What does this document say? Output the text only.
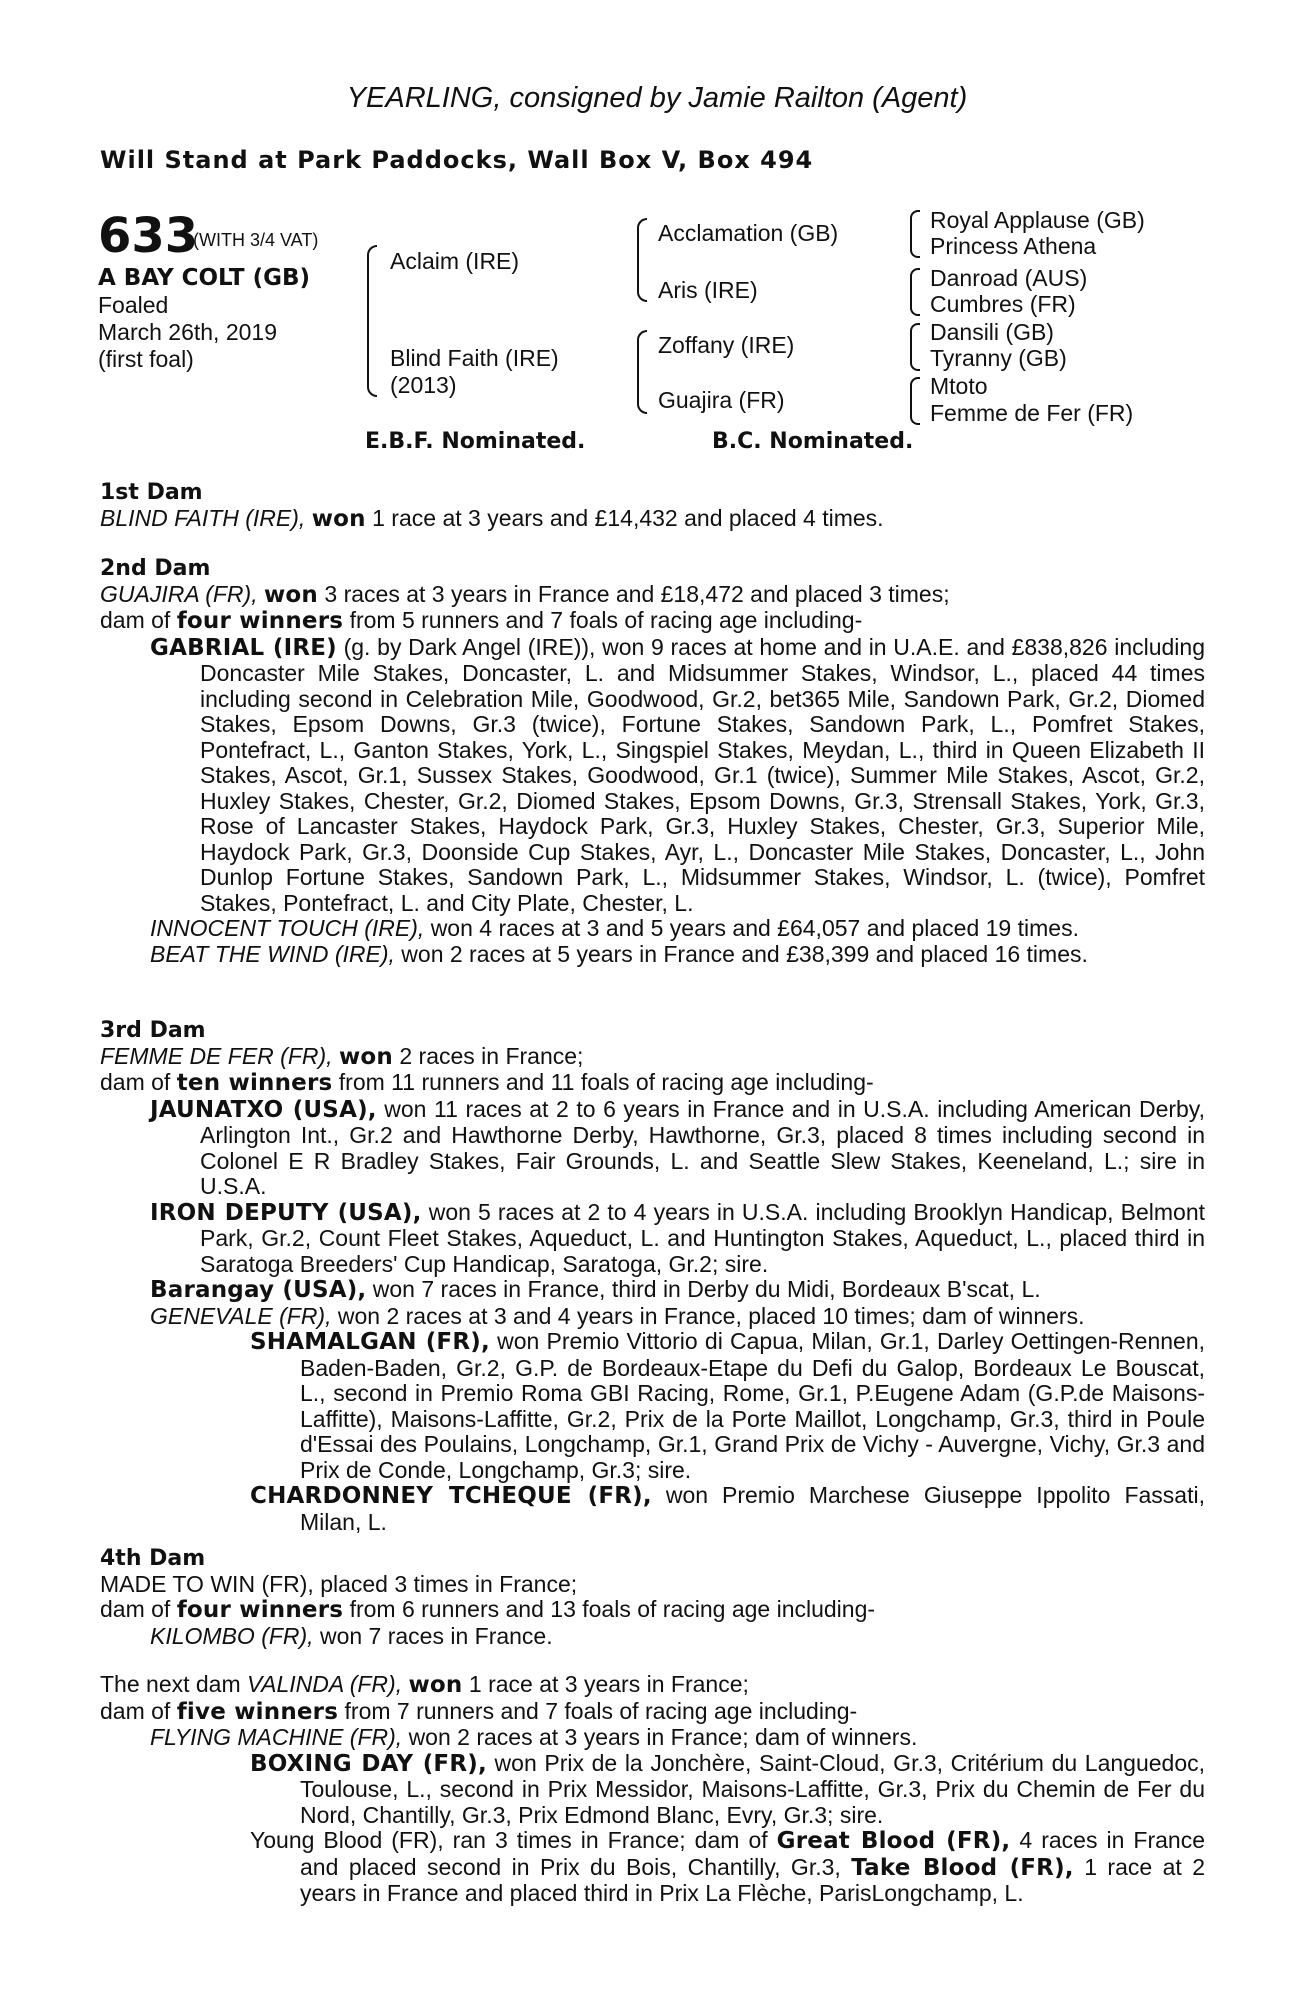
YEARLING, consigned by Jamie Railton (Agent)
Will Stand at Park Paddocks, Wall Box V, Box 494
633
(WITH 3/4 VAT)
A BAY COLT (GB)
Foaled
March 26th, 2019
(first foal)
Aclaim (IRE)
Blind Faith (IRE)
(2013)
Acclamation (GB)
Aris (IRE)
Zoffany (IRE)
Guajira (FR)
Royal Applause (GB)
Princess Athena
Danroad (AUS)
Cumbres (FR)
Dansili (GB)
Tyranny (GB)
Mtoto
Femme de Fer (FR)
E.B.F. Nominated.	B.C. Nominated.

1st Dam

BLIND FAITH (IRE), won 1 race at 3 years and £14,432 and placed 4 times.

2nd Dam

GUAJIRA (FR), won 3 races at 3 years in France and £18,472 and placed 3 times;

dam of four winners from 5 runners and 7 foals of racing age including-

GABRIAL (IRE) (g. by Dark Angel (IRE)), won 9 races at home and in U.A.E. and £838,826 including Doncaster Mile Stakes, Doncaster, L. and Midsummer Stakes, Windsor, L., placed 44 times including second in Celebration Mile, Goodwood, Gr.2, bet365 Mile, Sandown Park, Gr.2, Diomed Stakes, Epsom Downs, Gr.3 (twice), Fortune Stakes, Sandown Park, L., Pomfret Stakes, Pontefract, L., Ganton Stakes, York, L., Singspiel Stakes, Meydan, L., third in Queen Elizabeth II Stakes, Ascot, Gr.1, Sussex Stakes, Goodwood, Gr.1 (twice), Summer Mile Stakes, Ascot, Gr.2, Huxley Stakes, Chester, Gr.2, Diomed Stakes, Epsom Downs, Gr.3, Strensall Stakes, York, Gr.3, Rose of Lancaster Stakes, Haydock Park, Gr.3, Huxley Stakes, Chester, Gr.3, Superior Mile, Haydock Park, Gr.3, Doonside Cup Stakes, Ayr, L., Doncaster Mile Stakes, Doncaster, L., John Dunlop Fortune Stakes, Sandown Park, L., Midsummer Stakes, Windsor, L. (twice), Pomfret Stakes, Pontefract, L. and City Plate, Chester, L.

INNOCENT TOUCH (IRE), won 4 races at 3 and 5 years and £64,057 and placed 19 times.

BEAT THE WIND (IRE), won 2 races at 5 years in France and £38,399 and placed 16 times.

3rd Dam

FEMME DE FER (FR), won 2 races in France;

dam of ten winners from 11 runners and 11 foals of racing age including-

JAUNATXO (USA), won 11 races at 2 to 6 years in France and in U.S.A. including American Derby, Arlington Int., Gr.2 and Hawthorne Derby, Hawthorne, Gr.3, placed 8 times including second in Colonel E R Bradley Stakes, Fair Grounds, L. and Seattle Slew Stakes, Keeneland, L.; sire in U.S.A.

IRON DEPUTY (USA), won 5 races at 2 to 4 years in U.S.A. including Brooklyn Handicap, Belmont Park, Gr.2, Count Fleet Stakes, Aqueduct, L. and Huntington Stakes, Aqueduct, L., placed third in Saratoga Breeders' Cup Handicap, Saratoga, Gr.2; sire.

Barangay (USA), won 7 races in France, third in Derby du Midi, Bordeaux B'scat, L.

GENEVALE (FR), won 2 races at 3 and 4 years in France, placed 10 times; dam of winners.

SHAMALGAN (FR), won Premio Vittorio di Capua, Milan, Gr.1, Darley Oettingen-Rennen, Baden-Baden, Gr.2, G.P. de Bordeaux-Etape du Defi du Galop, Bordeaux Le Bouscat, L., second in Premio Roma GBI Racing, Rome, Gr.1, P.Eugene Adam (G.P.de Maisons-Laffitte), Maisons-Laffitte, Gr.2, Prix de la Porte Maillot, Longchamp, Gr.3, third in Poule d'Essai des Poulains, Longchamp, Gr.1, Grand Prix de Vichy - Auvergne, Vichy, Gr.3 and Prix de Conde, Longchamp, Gr.3; sire.

CHARDONNEY TCHEQUE (FR), won Premio Marchese Giuseppe Ippolito Fassati, Milan, L.

4th Dam

MADE TO WIN (FR), placed 3 times in France;

dam of four winners from 6 runners and 13 foals of racing age including-

KILOMBO (FR), won 7 races in France.

The next dam VALINDA (FR), won 1 race at 3 years in France;

dam of five winners from 7 runners and 7 foals of racing age including-

FLYING MACHINE (FR), won 2 races at 3 years in France; dam of winners.

BOXING DAY (FR), won Prix de la Jonchère, Saint-Cloud, Gr.3, Critérium du Languedoc, Toulouse, L., second in Prix Messidor, Maisons-Laffitte, Gr.3, Prix du Chemin de Fer du Nord, Chantilly, Gr.3, Prix Edmond Blanc, Evry, Gr.3; sire.

Young Blood (FR), ran 3 times in France; dam of Great Blood (FR), 4 races in France and placed second in Prix du Bois, Chantilly, Gr.3, Take Blood (FR), 1 race at 2 years in France and placed third in Prix La Flèche, ParisLongchamp, L.
